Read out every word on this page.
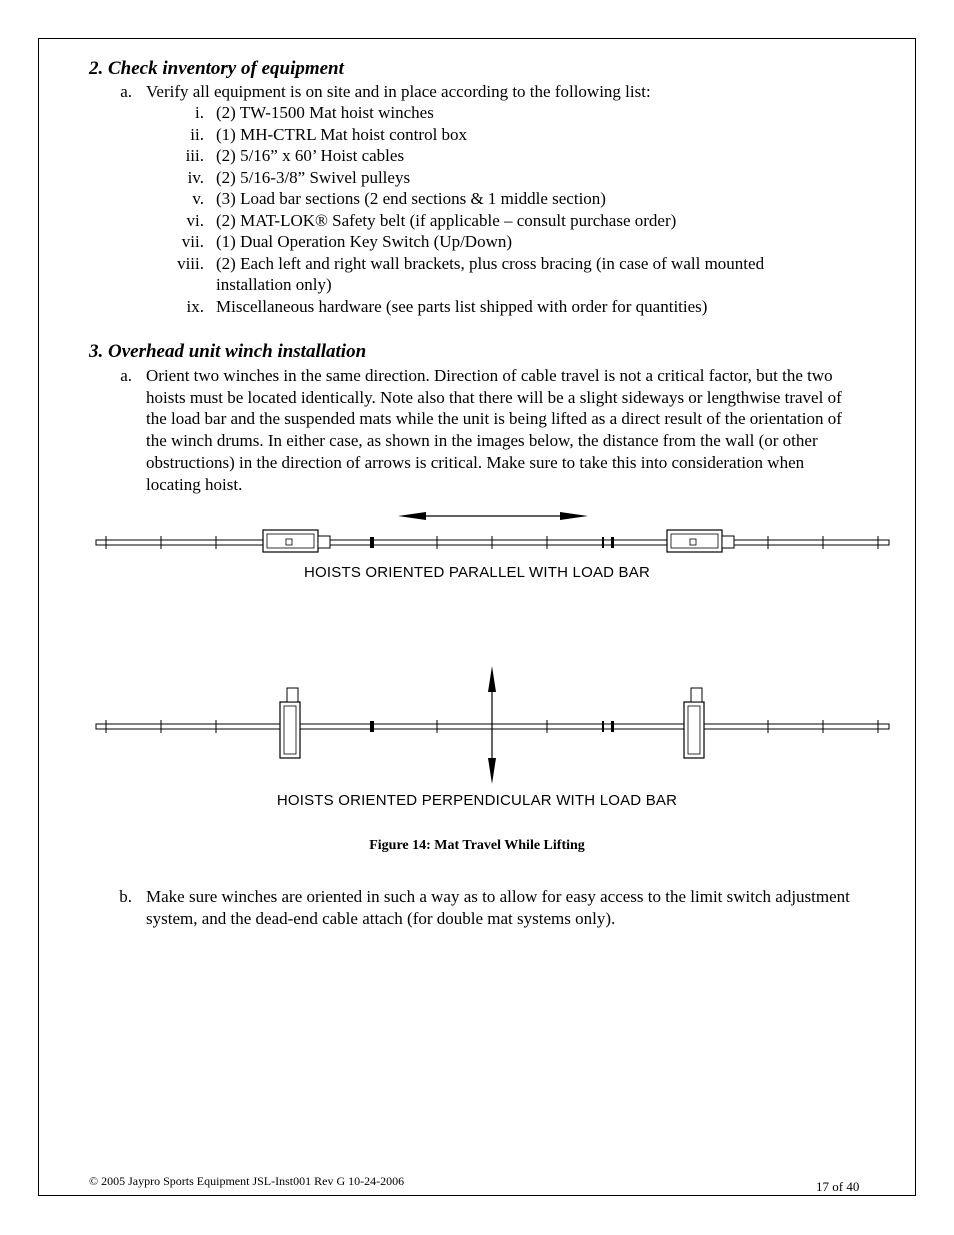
2. Check inventory of equipment
a. Verify all equipment is on site and in place according to the following list:

i. (2) TW-1500 Mat hoist winches
ii. (1) MH-CTRL Mat hoist control box
iii. (2) 5/16” x 60’ Hoist cables
iv. (2) 5/16-3/8” Swivel pulleys
v. (3) Load bar sections (2 end sections & 1 middle section)
vi. (2) MAT-LOK® Safety belt (if applicable – consult purchase order)
vii. (1) Dual Operation Key Switch (Up/Down)
viii. (2) Each left and right wall brackets, plus cross bracing (in case of wall mounted
installation only)
ix. Miscellaneous hardware (see parts list shipped with order for quantities)
3. Overhead unit winch installation
a. Orient two winches in the same direction. Direction of cable travel is not a critical factor, but the two hoists must be located identically. Note also that there will be a slight sideways or lengthwise travel of the load bar and the suspended mats while the unit is being lifted as a direct result of the orientation of the winch drums. In either case, as shown in the images below, the distance from the wall (or other obstructions) in the direction of arrows is critical. Make sure to take this into consideration when locating hoist.

HOISTS ORIENTED PARALLEL WITH LOAD BAR
HOISTS ORIENTED PERPENDICULAR WITH LOAD BAR
Figure 14: Mat Travel While Lifting
b. Make sure winches are oriented in such a way as to allow for easy access to the limit switch adjustment system, and the dead-end cable attach (for double mat systems only).

© 2005 Jaypro Sports Equipment JSL-Inst001 Rev G 10-24-2006	17 of 40
